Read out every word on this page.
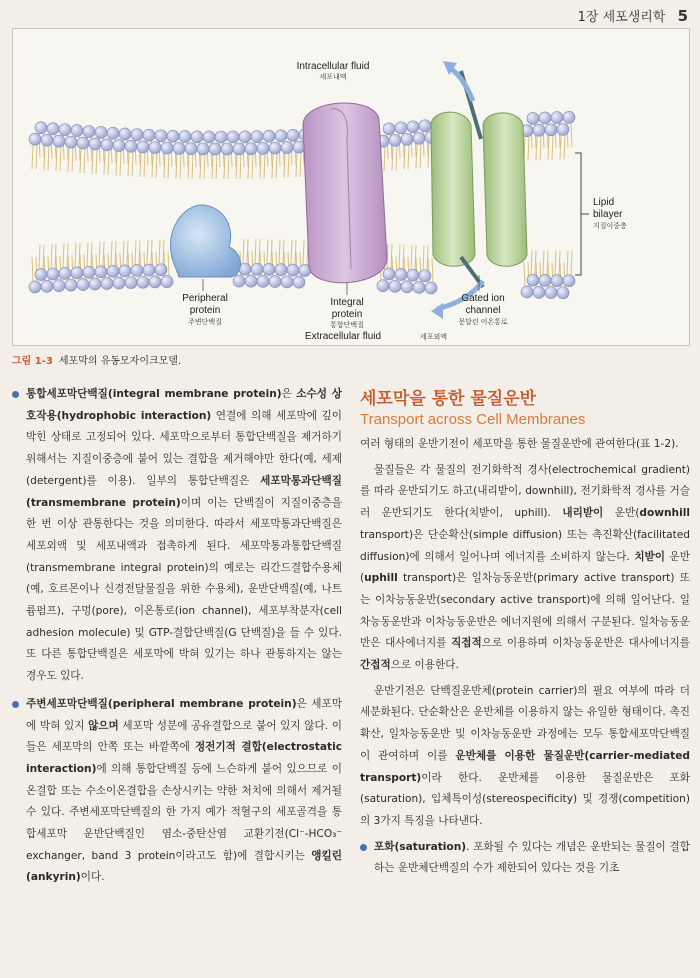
1장 세포생리학 5
Intracellular fluid
세포내액
Peripheral
protein
주변단백질
Integral
protein
통합단백질
Extracellular fluid	세포외액
Gated ion
channel
문달린 이온통로
Lipid
bilayer
지질이중층
그림 1-3 세포막의 유동모자이크모델.
통합세포막단백질(integral membrane protein)은 소수성 상호작용(hydrophobic interaction) 연결에 의해 세포막에 깊이 박힌 상태로 고정되어 있다. 세포막으로부터 통합단백질을 제거하기 위해서는 지질이중층에 붙어 있는 결합을 제거해야만 한다(예, 세제(detergent)를 이용). 일부의 통합단백질은 세포막통과단백질(transmembrane protein)이며 이는 단백질이 지질이중층을 한 번 이상 관통한다는 것을 의미한다. 따라서 세포막통과단백질은 세포외액 및 세포내액과 접촉하게 된다. 세포막통과통합단백질(transmembrane integral protein)의 예로는 리간드결합수용체(예, 호르몬이나 신경전달물질을 위한 수용체), 운반단백질(예, 나트륨펌프), 구멍(pore), 이온통로(ion channel), 세포부착분자(cell adhesion molecule) 및 GTP-결합단백질(G 단백질)을 들 수 있다. 또 다른 통합단백질은 세포막에 박혀 있기는 하나 관통하지는 않는 경우도 있다.
주변세포막단백질(peripheral membrane protein)은 세포막에 박혀 있지 않으며 세포막 성분에 공유결합으로 붙어 있지 않다. 이들은 세포막의 안쪽 또는 바깥쪽에 정전기적 결합(electrostatic interaction)에 의해 통합단백질 등에 느슨하게 붙어 있으므로 이온결합 또는 수소이온결합을 손상시키는 약한 처치에 의해서 제거될 수 있다. 주변세포막단백질의 한 가지 예가 적혈구의 세포골격을 통합세포막 운반단백질인 염소-중탄산염 교환기전(Cl⁻-HCO₃⁻ exchanger, band 3 protein이라고도 함)에 결합시키는 앵킬린(ankyrin)이다.
세포막을 통한 물질운반
Transport across Cell Membranes
여러 형태의 운반기전이 세포막을 통한 물질운반에 관여한다(표 1-2).
물질들은 각 물질의 전기화학적 경사(electrochemical gradient)를 따라 운반되기도 하고(내리받이, downhill), 전기화학적 경사를 거슬러 운반되기도 한다(치받이, uphill). 내리받이 운반(downhill transport)은 단순확산(simple diffusion) 또는 촉진확산(facilitated diffusion)에 의해서 일어나며 에너지를 소비하지 않는다. 치받이 운반(uphill transport)은 일차능동운반(primary active transport) 또는 이차능동운반(secondary active transport)에 의해 일어난다. 일차능동운반과 이차능동운반은 에너지원에 의해서 구분된다. 일차능동운반은 대사에너지를 직접적으로 이용하며 이차능동운반은 대사에너지를 간접적으로 이용한다.
운반기전은 단백질운반체(protein carrier)의 필요 여부에 따라 더 세분화된다. 단순확산은 운반체를 이용하지 않는 유일한 형태이다. 촉진확산, 일차능동운반 및 이차능동운반 과정에는 모두 통합세포막단백질이 관여하며 이를 운반체를 이용한 물질운반(carrier-mediated transport)이라 한다. 운반체를 이용한 물질운반은 포화(saturation), 입체특이성(stereospecificity) 및 경쟁(competition)의 3가지 특징을 나타낸다.
포화(saturation). 포화될 수 있다는 개념은 운반되는 물질이 결합하는 운반체단백질의 수가 제한되어 있다는 것을 기초
